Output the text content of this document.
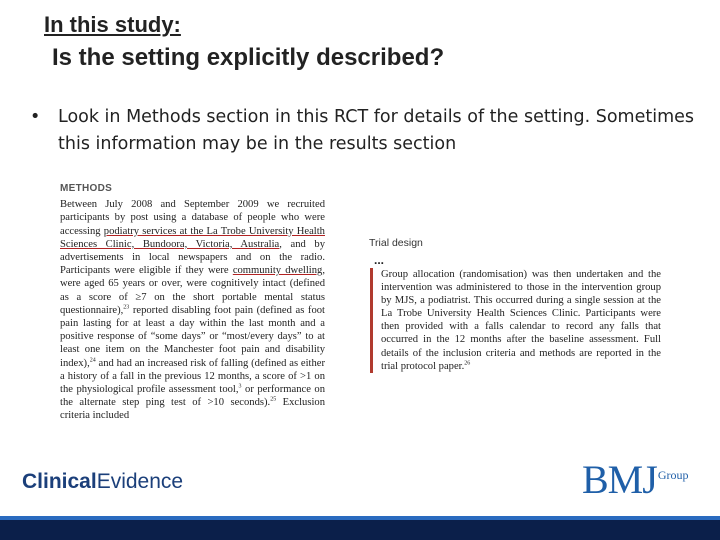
In this study:
Is the setting explicitly described?
•	Look in Methods section in this RCT for details of the setting. Sometimes this information may be in the results section
METHODS
Between July 2008 and September 2009 we recruited participants by post using a database of people who were accessing podiatry services at the La Trobe University Health Sciences Clinic, Bundoora, Victoria, Australia, and by advertisements in local newspapers and on the radio. Participants were eligible if they were community dwelling, were aged 65 years or over, were cognitively intact (defined as a score of ≥7 on the short portable mental status questionnaire),$^{23}$ reported disabling foot pain (defined as foot pain lasting for at least a day within the last month and a positive response of “some days” or “most/every days” to at least one item on the Manchester foot pain and disability index),$^{24}$ and had an increased risk of falling (defined as either a history of a fall in the previous 12 months, a score of >1 on the physiological profile assessment tool,$^3$ or performance on the alternate step ping test of >10 seconds).$^{25}$ Exclusion criteria included
Trial design
...
Group allocation (randomisation) was then undertaken and the intervention was administered to those in the intervention group by MJS, a podiatrist. This occurred during a single session at the La Trobe University Health Sciences Clinic. Participants were then provided with a falls calendar to record any falls that occurred in the 12 months after the baseline assessment. Full details of the inclusion criteria and methods are reported in the trial protocol paper.$^{26}$
ClinicalEvidence	BMJ Group
